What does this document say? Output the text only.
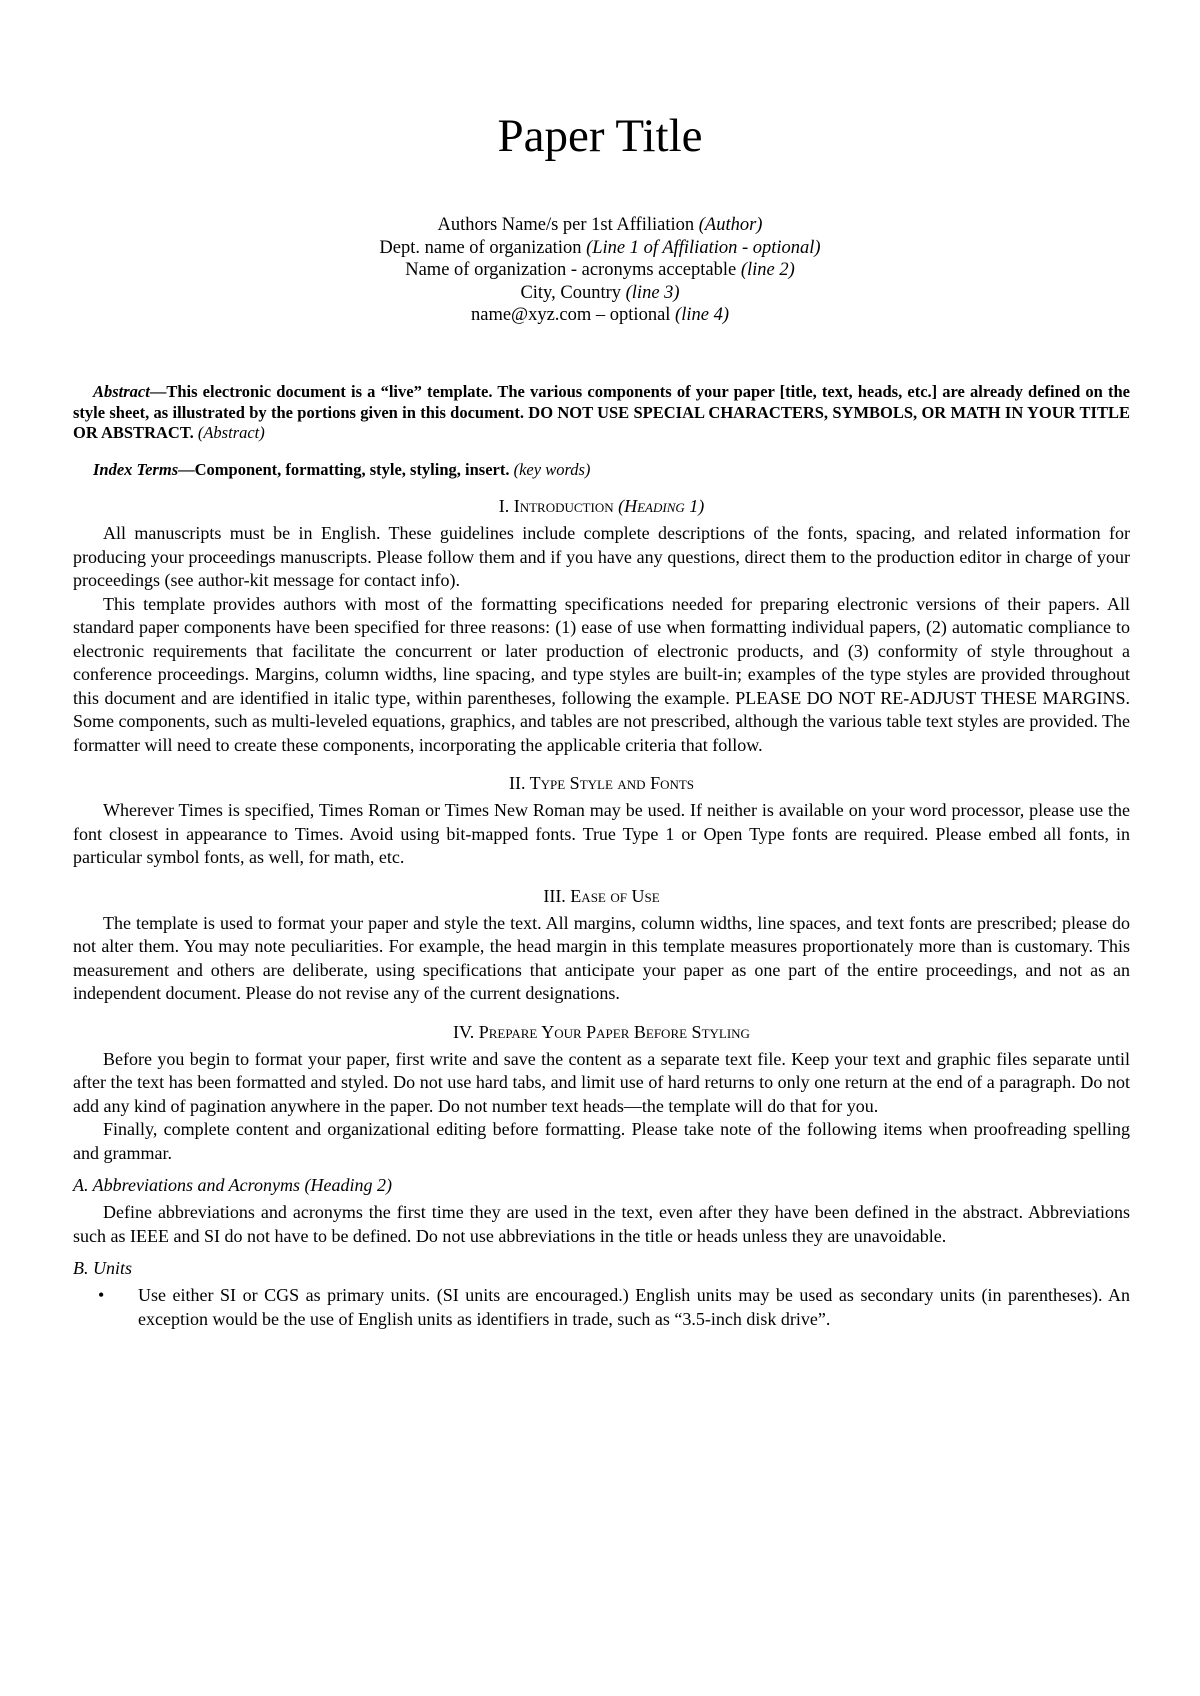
Paper Title
Authors Name/s per 1st Affiliation (Author)
Dept. name of organization (Line 1 of Affiliation - optional)
Name of organization - acronyms acceptable (line 2)
City, Country (line 3)
name@xyz.com – optional (line 4)

Abstract—This electronic document is a “live” template. The various components of your paper [title, text, heads, etc.] are already defined on the style sheet, as illustrated by the portions given in this document. DO NOT USE SPECIAL CHARACTERS, SYMBOLS, OR MATH IN YOUR TITLE OR ABSTRACT. (Abstract)

Index Terms—Component, formatting, style, styling, insert. (key words)

I. Introduction (Heading 1)

All manuscripts must be in English. These guidelines include complete descriptions of the fonts, spacing, and related information for producing your proceedings manuscripts. Please follow them and if you have any questions, direct them to the production editor in charge of your proceedings (see author-kit message for contact info).

This template provides authors with most of the formatting specifications needed for preparing electronic versions of their papers. All standard paper components have been specified for three reasons: (1) ease of use when formatting individual papers, (2) automatic compliance to electronic requirements that facilitate the concurrent or later production of electronic products, and (3) conformity of style throughout a conference proceedings. Margins, column widths, line spacing, and type styles are built-in; examples of the type styles are provided throughout this document and are identified in italic type, within parentheses, following the example. PLEASE DO NOT RE-ADJUST THESE MARGINS. Some components, such as multi-leveled equations, graphics, and tables are not prescribed, although the various table text styles are provided. The formatter will need to create these components, incorporating the applicable criteria that follow.

II. Type Style and Fonts

Wherever Times is specified, Times Roman or Times New Roman may be used. If neither is available on your word processor, please use the font closest in appearance to Times. Avoid using bit-mapped fonts. True Type 1 or Open Type fonts are required. Please embed all fonts, in particular symbol fonts, as well, for math, etc.

III. Ease of Use

The template is used to format your paper and style the text. All margins, column widths, line spaces, and text fonts are prescribed; please do not alter them. You may note peculiarities. For example, the head margin in this template measures proportionately more than is customary. This measurement and others are deliberate, using specifications that anticipate your paper as one part of the entire proceedings, and not as an independent document. Please do not revise any of the current designations.

IV. Prepare Your Paper Before Styling

Before you begin to format your paper, first write and save the content as a separate text file. Keep your text and graphic files separate until after the text has been formatted and styled. Do not use hard tabs, and limit use of hard returns to only one return at the end of a paragraph. Do not add any kind of pagination anywhere in the paper. Do not number text heads—the template will do that for you.

Finally, complete content and organizational editing before formatting. Please take note of the following items when proofreading spelling and grammar.

A. Abbreviations and Acronyms (Heading 2)

Define abbreviations and acronyms the first time they are used in the text, even after they have been defined in the abstract. Abbreviations such as IEEE and SI do not have to be defined. Do not use abbreviations in the title or heads unless they are unavoidable.

B. Units
• Use either SI or CGS as primary units. (SI units are encouraged.) English units may be used as secondary units (in parentheses). An exception would be the use of English units as identifiers in trade, such as “3.5-inch disk drive”.
